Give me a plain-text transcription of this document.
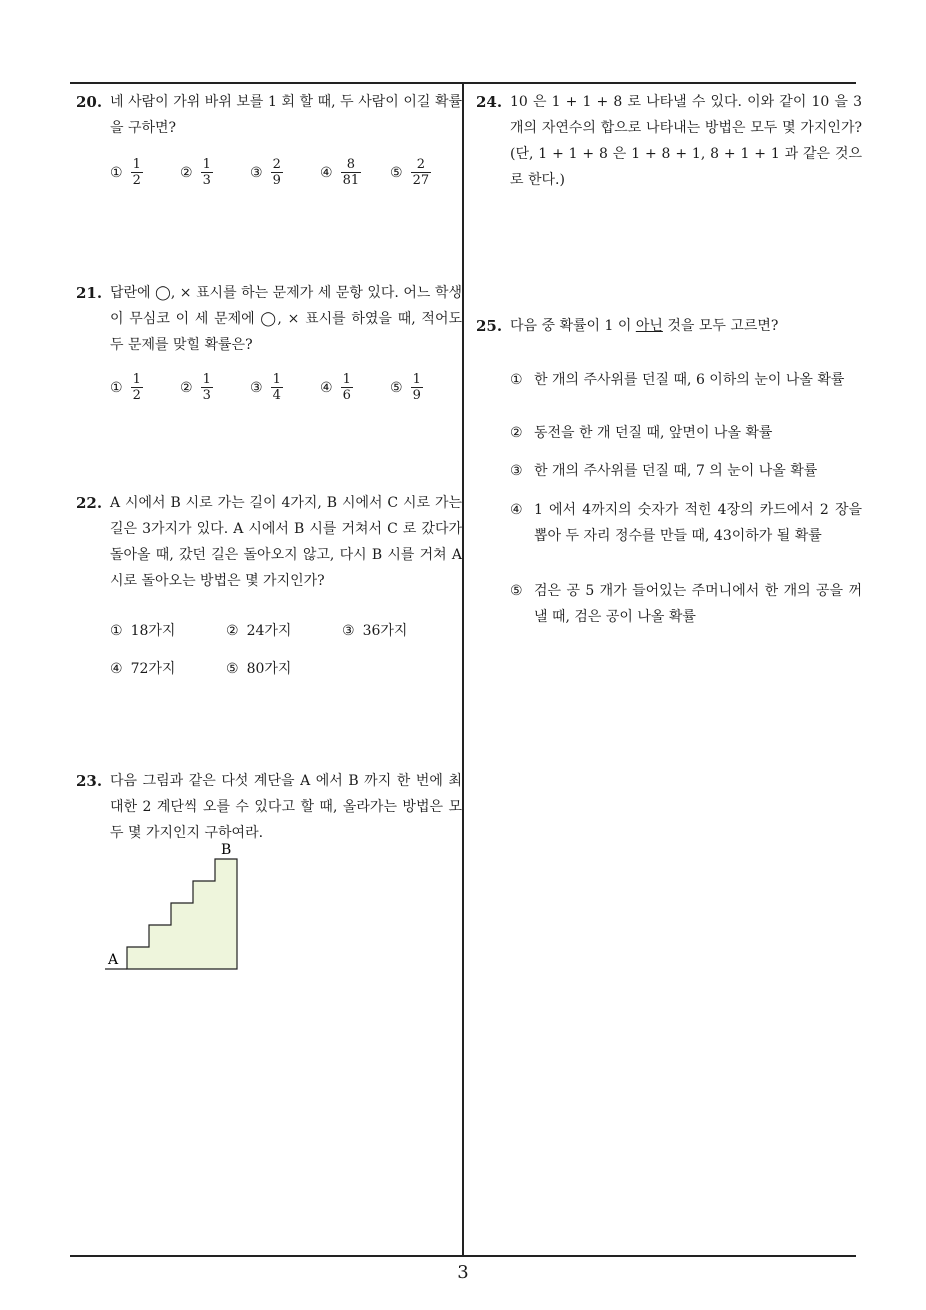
20. 네 사람이 가위 바위 보를 1 회 할 때, 두 사람이 이길 확률을 구하면?
① $\frac{1}{2}$	② $\frac{1}{3}$	③ $\frac{2}{9}$	④ $\frac{8}{81}$ ⑤ $\frac{2}{27}$
21. 답란에 ◯, × 표시를 하는 문제가 세 문항 있다. 어느 학생이 무심코 이 세 문제에 ◯, × 표시를 하였을 때, 적어도 두 문제를 맞힐 확률은?
① $\frac{1}{2}$	② $\frac{1}{3}$	③ $\frac{1}{4}$	④ $\frac{1}{6}$	⑤ $\frac{1}{9}$
22. A 시에서 B 시로 가는 길이 4가지, B 시에서 C 시로 가는 길은 3가지가 있다. A 시에서 B 시를 거쳐서 C 로 갔다가 돌아올 때, 갔던 길은 돌아오지 않고, 다시 B 시를 거쳐 A 시로 돌아오는 방법은 몇 가지인가?
① 18가지	② 24가지	③ 36가지
④ 72가지	⑤ 80가지
23. 다음 그림과 같은 다섯 계단을 A 에서 B 까지 한 번에 최대한 2 계단씩 오를 수 있다고 할 때, 올라가는 방법은 모두 몇 가지인지 구하여라.
A
B
24. 10 은 1 + 1 + 8 로 나타낼 수 있다. 이와 같이 10 을 3 개의 자연수의 합으로 나타내는 방법은 모두 몇 가지인가? (단, 1 + 1 + 8 은 1 + 8 + 1, 8 + 1 + 1 과 같은 것으로 한다.)
25. 다음 중 확률이 1 이 아닌 것을 모두 고르면?
① 한 개의 주사위를 던질 때, 6 이하의 눈이 나올 확률
② 동전을 한 개 던질 때, 앞면이 나올 확률
③ 한 개의 주사위를 던질 때, 7 의 눈이 나올 확률
④ 1 에서 4까지의 숫자가 적힌 4장의 카드에서 2 장을 뽑아 두 자리 정수를 만들 때, 43이하가 될 확률
⑤ 검은 공 5 개가 들어있는 주머니에서 한 개의 공을 꺼낼 때, 검은 공이 나올 확률
3
